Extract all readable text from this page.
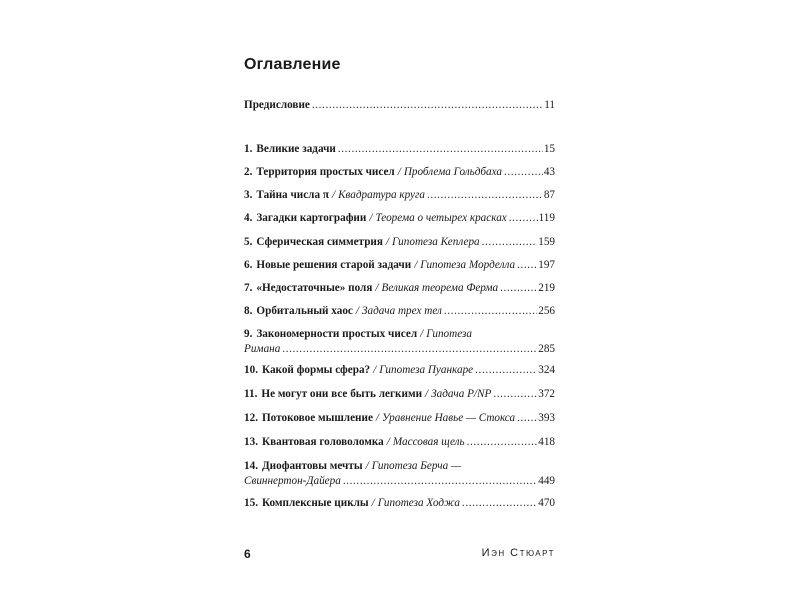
Оглавление
Предисловие .....	11
1. Великие задачи .....	15
2. Территория простых чисел / Проблема Гольдбаха .....	43
3. Тайна числа π / Квадратура круга .....	87
4. Загадки картографии / Теорема о четырех красках .....	119
5. Сферическая симметрия / Гипотеза Кеплера .....	159
6. Новые решения старой задачи / Гипотеза Морделла ..... 197
7. «Недостаточные» поля / Великая теорема Ферма .....	219
8. Орбитальный хаос / Задача трех тел .....	256
9. Закономерности простых чисел / Гипотеза
Римана .....	285
10. Какой формы сфера? / Гипотеза Пуанкаре .....	324
11. Не могут они все быть легкими / Задача P/NP .....	372
12. Потоковое мышление / Уравнение Навье — Стокса ..... 393
13. Квантовая головоломка / Массовая щель .....	418
14. Диофантовы мечты / Гипотеза Берча —
Свиннертон-Дайера .....	449
15. Комплексные циклы / Гипотеза Ходжа .....	470
6	Иэн Стюарт
